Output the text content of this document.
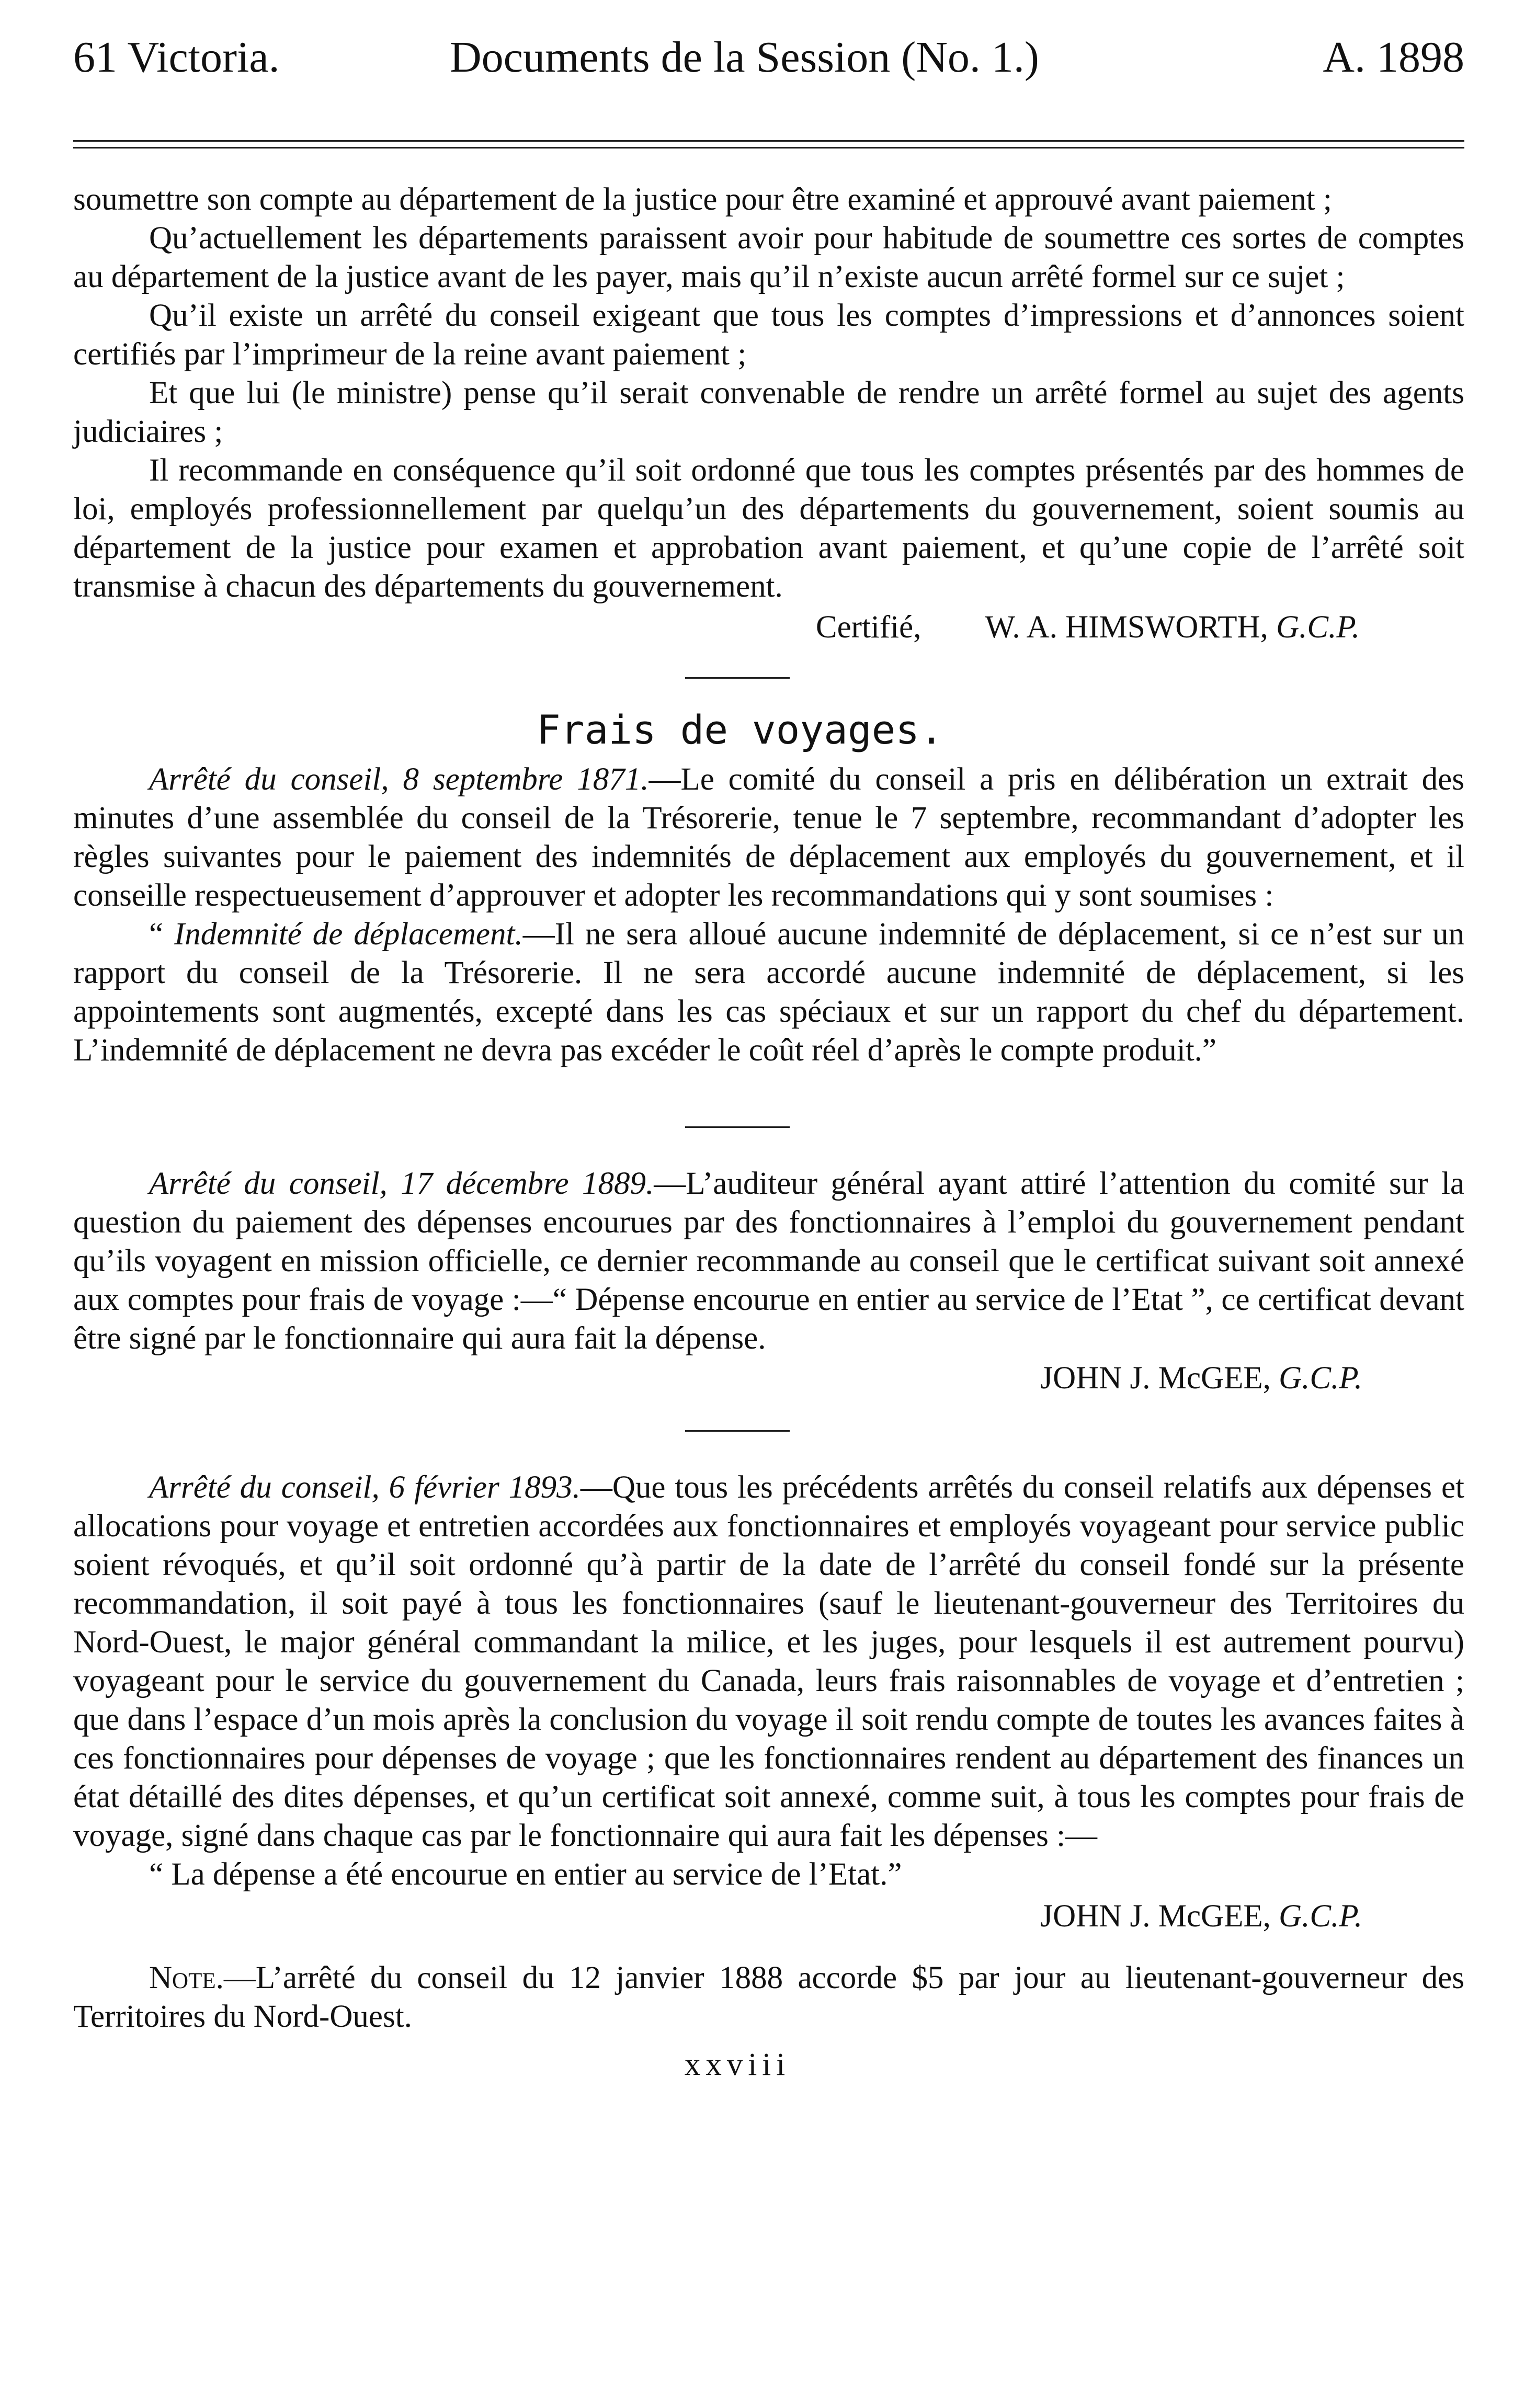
61 Victoria.	Documents de la Session (No. 1.)	A. 1898

soumettre son compte au département de la justice pour être examiné et approuvé avant paiement ;

Qu’actuellement les départements paraissent avoir pour habitude de soumettre ces sortes de comptes au département de la justice avant de les payer, mais qu’il n’existe aucun arrêté formel sur ce sujet ;

Qu’il existe un arrêté du conseil exigeant que tous les comptes d’impressions et d’annonces soient certifiés par l’imprimeur de la reine avant paiement ;

Et que lui (le ministre) pense qu’il serait convenable de rendre un arrêté formel au sujet des agents judiciaires ;

Il recommande en conséquence qu’il soit ordonné que tous les comptes présentés par des hommes de loi, employés professionnellement par quelqu’un des départements du gouvernement, soient soumis au département de la justice pour examen et approbation avant paiement, et qu’une copie de l’arrêté soit transmise à chacun des départements du gouvernement.

Certifié, W. A. HIMSWORTH, G.C.P.
Frais de voyages.

Arrêté du conseil, 8 septembre 1871.—Le comité du conseil a pris en délibération un extrait des minutes d’une assemblée du conseil de la Trésorerie, tenue le 7 septembre, recommandant d’adopter les règles suivantes pour le paiement des indemnités de déplacement aux employés du gouvernement, et il conseille respectueusement d’approuver et adopter les recommandations qui y sont soumises :

“ Indemnité de déplacement.—Il ne sera alloué aucune indemnité de déplacement, si ce n’est sur un rapport du conseil de la Trésorerie. Il ne sera accordé aucune indemnité de déplacement, si les appointements sont augmentés, excepté dans les cas spéciaux et sur un rapport du chef du département. L’indemnité de déplacement ne devra pas excéder le coût réel d’après le compte produit.”

Arrêté du conseil, 17 décembre 1889.—L’auditeur général ayant attiré l’attention du comité sur la question du paiement des dépenses encourues par des fonctionnaires à l’emploi du gouvernement pendant qu’ils voyagent en mission officielle, ce dernier recommande au conseil que le certificat suivant soit annexé aux comptes pour frais de voyage :—“ Dépense encourue en entier au service de l’Etat ”, ce certificat devant être signé par le fonctionnaire qui aura fait la dépense.

JOHN J. McGEE, G.C.P.

Arrêté du conseil, 6 février 1893.—Que tous les précédents arrêtés du conseil relatifs aux dépenses et allocations pour voyage et entretien accordées aux fonctionnaires et employés voyageant pour service public soient révoqués, et qu’il soit ordonné qu’à partir de la date de l’arrêté du conseil fondé sur la présente recommandation, il soit payé à tous les fonctionnaires (sauf le lieutenant-gouverneur des Territoires du Nord-Ouest, le major général commandant la milice, et les juges, pour lesquels il est autrement pourvu) voyageant pour le service du gouvernement du Canada, leurs frais raisonnables de voyage et d’entretien ; que dans l’espace d’un mois après la conclusion du voyage il soit rendu compte de toutes les avances faites à ces fonctionnaires pour dépenses de voyage ; que les fonctionnaires rendent au département des finances un état détaillé des dites dépenses, et qu’un certificat soit annexé, comme suit, à tous les comptes pour frais de voyage, signé dans chaque cas par le fonctionnaire qui aura fait les dépenses :—

“ La dépense a été encourue en entier au service de l’Etat.”

JOHN J. McGEE, G.C.P.

Note.—L’arrêté du conseil du 12 janvier 1888 accorde $5 par jour au lieutenant-gouverneur des Territoires du Nord-Ouest.

xxviii
